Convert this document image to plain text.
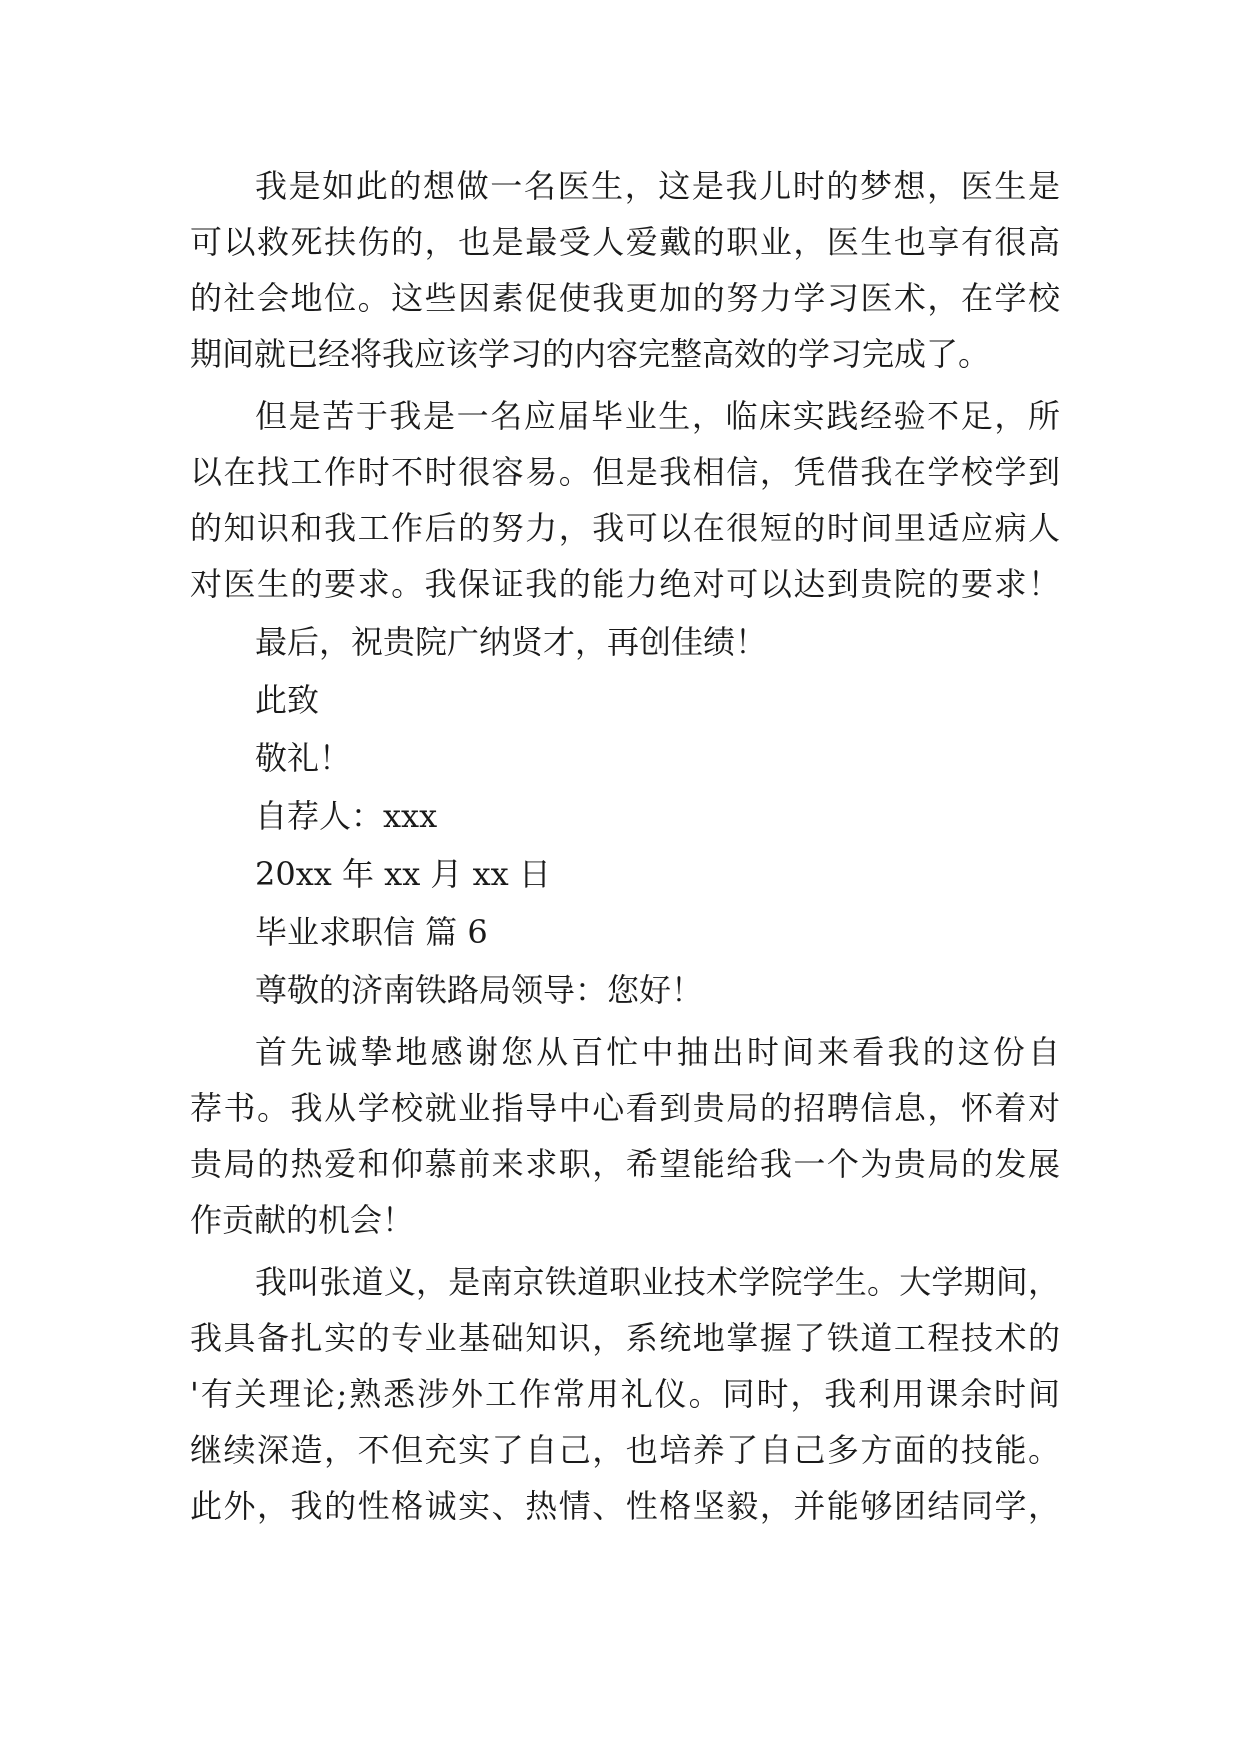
我是如此的想做一名医生，这是我儿时的梦想，医生是
可以救死扶伤的，也是最受人爱戴的职业，医生也享有很高
的社会地位。这些因素促使我更加的努力学习医术，在学校
期间就已经将我应该学习的内容完整高效的学习完成了。
但是苦于我是一名应届毕业生，临床实践经验不足，所
以在找工作时不时很容易。但是我相信，凭借我在学校学到
的知识和我工作后的努力，我可以在很短的时间里适应病人
对医生的要求。我保证我的能力绝对可以达到贵院的要求！
最后，祝贵院广纳贤才，再创佳绩！
此致
敬礼！
自荐人：xxx
20xx 年 xx 月 xx 日
毕业求职信 篇 6
尊敬的济南铁路局领导：您好！
首先诚挚地感谢您从百忙中抽出时间来看我的这份自
荐书。我从学校就业指导中心看到贵局的招聘信息，怀着对
贵局的热爱和仰慕前来求职，希望能给我一个为贵局的发展
作贡献的机会！
我叫张道义，是南京铁道职业技术学院学生。大学期间，
我具备扎实的专业基础知识，系统地掌握了铁道工程技术的
'有关理论;熟悉涉外工作常用礼仪。同时，我利用课余时间
继续深造，不但充实了自己，也培养了自己多方面的技能。
此外，我的性格诚实、热情、性格坚毅，并能够团结同学，
